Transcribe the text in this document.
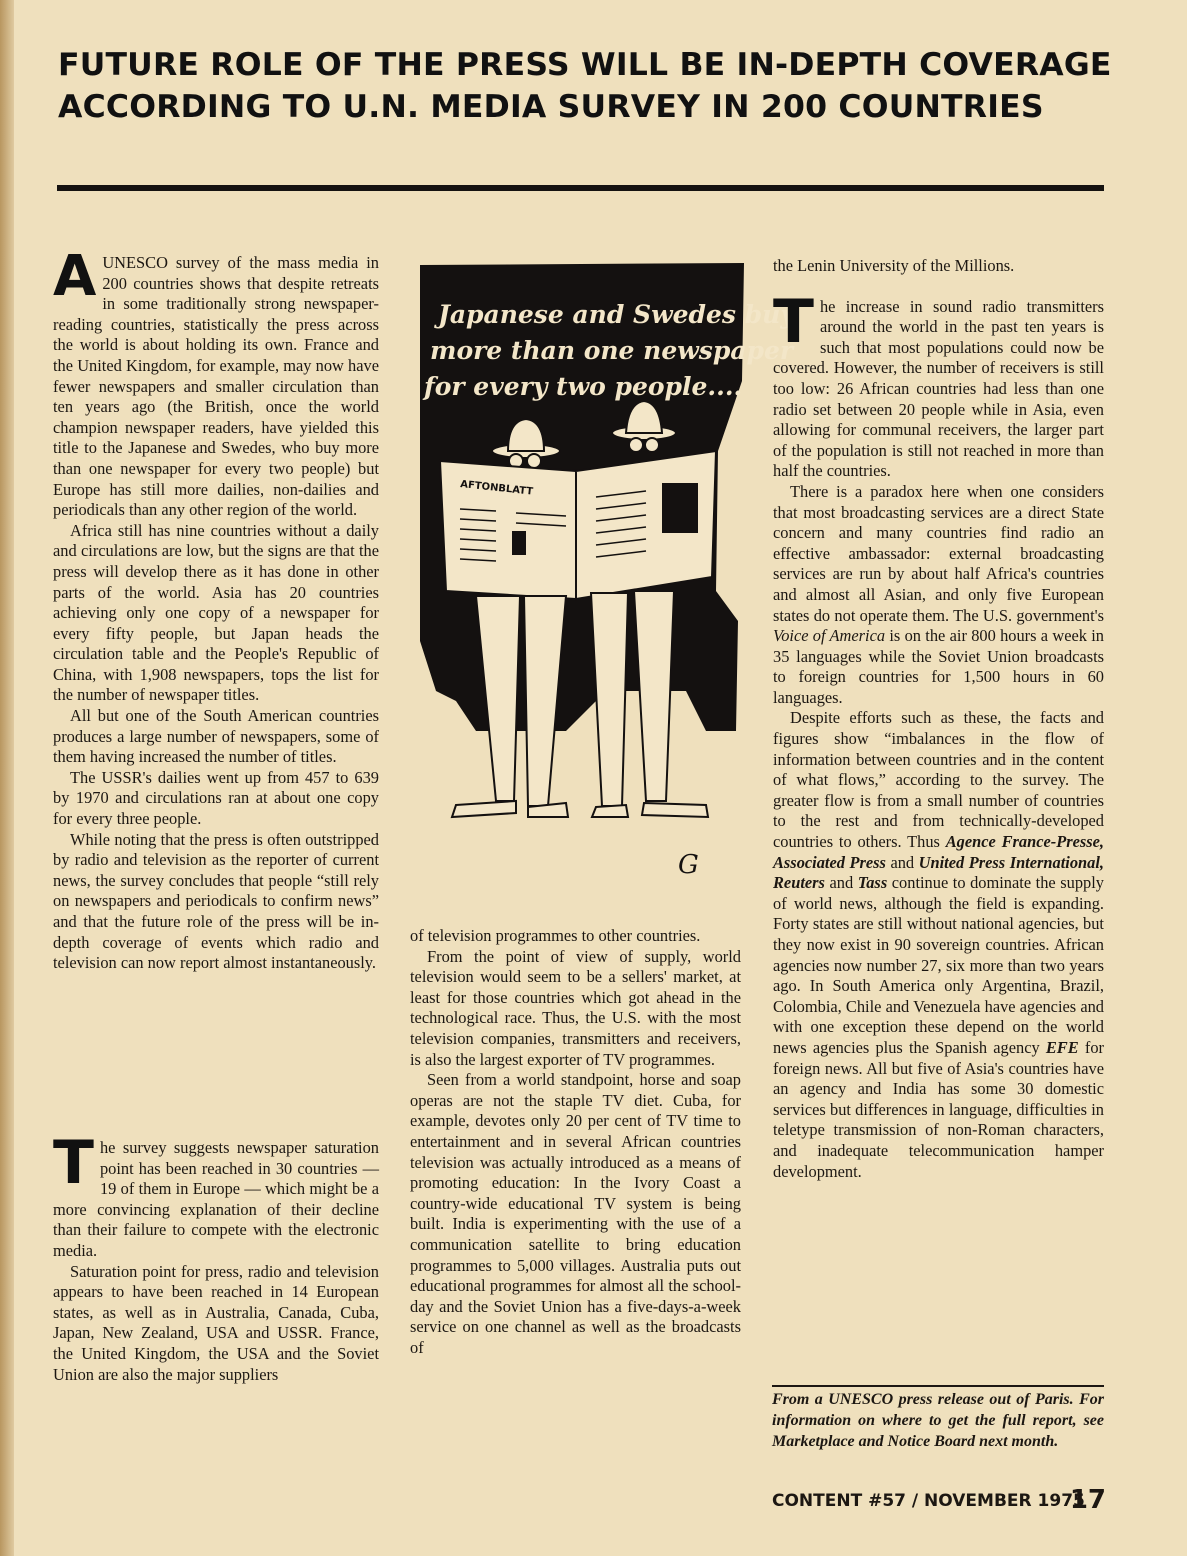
FUTURE ROLE OF THE PRESS WILL BE IN-DEPTH COVERAGE
ACCORDING TO U.N. MEDIA SURVEY IN 200 COUNTRIES

AUNESCO survey of the mass media in 200 countries shows that despite retreats in some traditionally strong newspaper-reading countries, statistically the press across the world is about holding its own. France and the United Kingdom, for example, may now have fewer newspapers and smaller circulation than ten years ago (the British, once the world champion newspaper readers, have yielded this title to the Japanese and Swedes, who buy more than one newspaper for every two people) but Europe has still more dailies, non-dailies and periodicals than any other region of the world.

Africa still has nine countries without a daily and circulations are low, but the signs are that the press will develop there as it has done in other parts of the world. Asia has 20 countries achieving only one copy of a newspaper for every fifty people, but Japan heads the circulation table and the People's Republic of China, with 1,908 newspapers, tops the list for the number of newspaper titles.

All but one of the South American countries produces a large number of newspapers, some of them having increased the number of titles.

The USSR's dailies went up from 457 to 639 by 1970 and circulations ran at about one copy for every three people.

While noting that the press is often outstripped by radio and television as the reporter of current news, the survey concludes that people “still rely on newspapers and periodicals to confirm news” and that the future role of the press will be in-depth coverage of events which radio and television can now report almost instantaneously.

The survey suggests newspaper saturation point has been reached in 30 countries — 19 of them in Europe — which might be a more convincing explanation of their decline than their failure to compete with the electronic media.

Saturation point for press, radio and television appears to have been reached in 14 European states, as well as in Australia, Canada, Cuba, Japan, New Zealand, USA and USSR. France, the United Kingdom, the USA and the Soviet Union are also the major suppliers

Japanese and Swedes buy
more than one newspaper
for every two people....
AFTONBLATT
G

of television programmes to other countries.

From the point of view of supply, world television would seem to be a sellers' market, at least for those countries which got ahead in the technological race. Thus, the U.S. with the most television companies, transmitters and receivers, is also the largest exporter of TV programmes.

Seen from a world standpoint, horse and soap operas are not the staple TV diet. Cuba, for example, devotes only 20 per cent of TV time to entertainment and in several African countries television was actually introduced as a means of promoting education: In the Ivory Coast a country-wide educational TV system is being built. India is experimenting with the use of a communication satellite to bring education programmes to 5,000 villages. Australia puts out educational programmes for almost all the school-day and the Soviet Union has a five-days-a-week service on one channel as well as the broadcasts of

the Lenin University of the Millions.

The increase in sound radio transmitters around the world in the past ten years is such that most populations could now be covered. However, the number of receivers is still too low: 26 African countries had less than one radio set between 20 people while in Asia, even allowing for communal receivers, the larger part of the population is still not reached in more than half the countries.

There is a paradox here when one considers that most broadcasting services are a direct State concern and many countries find radio an effective ambassador: external broadcasting services are run by about half Africa's countries and almost all Asian, and only five European states do not operate them. The U.S. government's Voice of America is on the air 800 hours a week in 35 languages while the Soviet Union broadcasts to foreign countries for 1,500 hours in 60 languages.

Despite efforts such as these, the facts and figures show “imbalances in the flow of information between countries and in the content of what flows,” according to the survey. The greater flow is from a small number of countries to the rest and from technically-developed countries to others. Thus Agence France-Presse, Associated Press and United Press International, Reuters and Tass continue to dominate the supply of world news, although the field is expanding. Forty states are still without national agencies, but they now exist in 90 sovereign countries. African agencies now number 27, six more than two years ago. In South America only Argentina, Brazil, Colombia, Chile and Venezuela have agencies and with one exception these depend on the world news agencies plus the Spanish agency EFE for foreign news. All but five of Asia's countries have an agency and India has some 30 domestic services but differences in language, difficulties in teletype transmission of non-Roman characters, and inadequate telecommunication hamper development.

From a UNESCO press release out of Paris. For information on where to get the full report, see Marketplace and Notice Board next month.
CONTENT #57 / NOVEMBER 1975
17
